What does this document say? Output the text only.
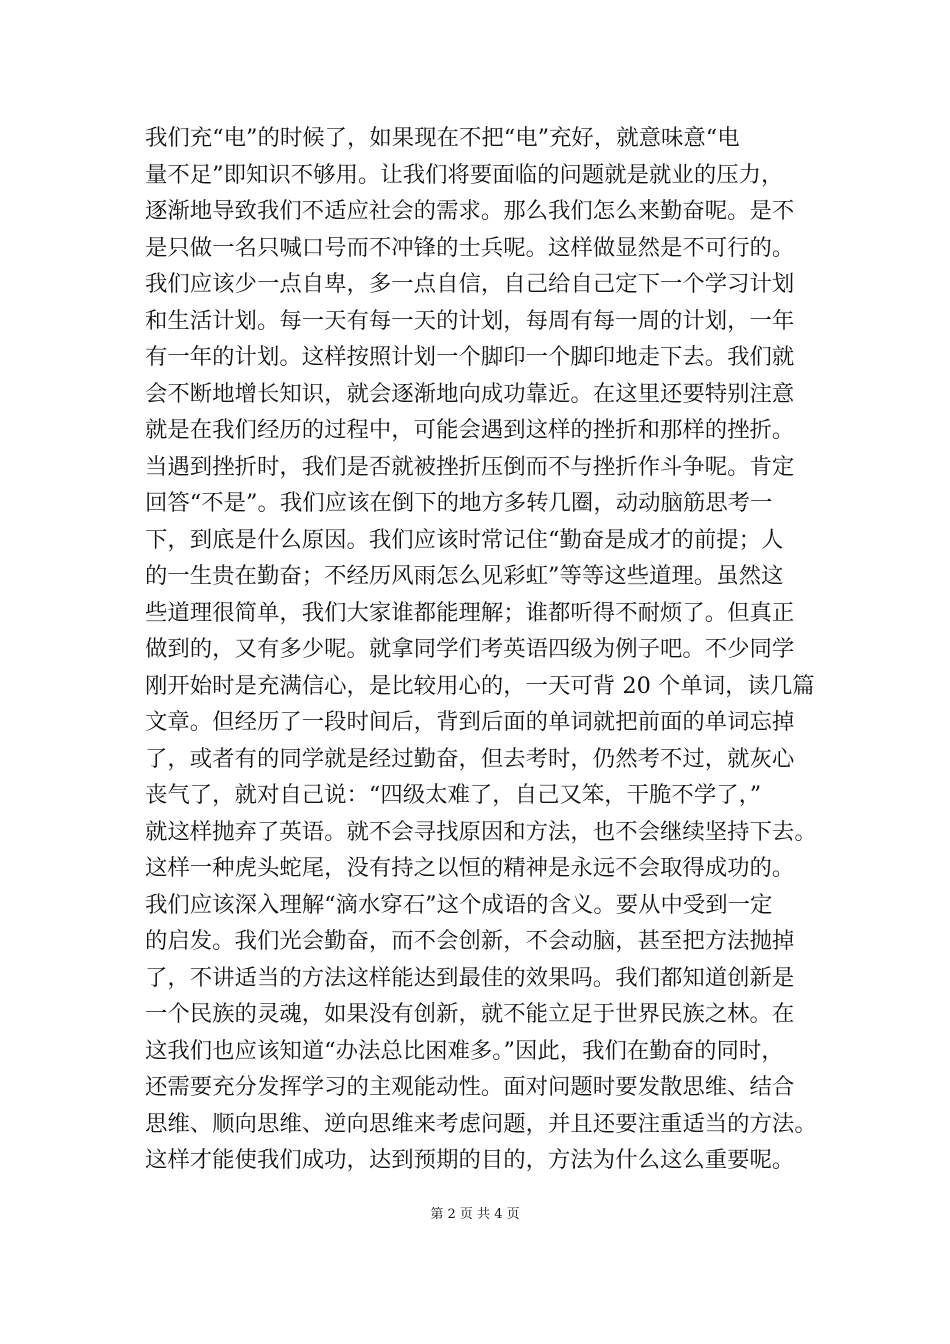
我们充“电”的时候了，如果现在不把“电”充好，就意味意“电
量不足”即知识不够用。让我们将要面临的问题就是就业的压力，
逐渐地导致我们不适应社会的需求。那么我们怎么来勤奋呢。是不
是只做一名只喊口号而不冲锋的士兵呢。这样做显然是不可行的。
我们应该少一点自卑，多一点自信，自己给自己定下一个学习计划
和生活计划。每一天有每一天的计划，每周有每一周的计划，一年
有一年的计划。这样按照计划一个脚印一个脚印地走下去。我们就
会不断地增长知识，就会逐渐地向成功靠近。在这里还要特别注意
就是在我们经历的过程中，可能会遇到这样的挫折和那样的挫折。
当遇到挫折时，我们是否就被挫折压倒而不与挫折作斗争呢。肯定
回答“不是”。我们应该在倒下的地方多转几圈，动动脑筋思考一
下，到底是什么原因。我们应该时常记住“勤奋是成才的前提；人
的一生贵在勤奋；不经历风雨怎么见彩虹”等等这些道理。虽然这
些道理很简单，我们大家谁都能理解；谁都听得不耐烦了。但真正
做到的，又有多少呢。就拿同学们考英语四级为例子吧。不少同学
刚开始时是充满信心，是比较用心的，一天可背 20 个单词，读几篇
文章。但经历了一段时间后，背到后面的单词就把前面的单词忘掉
了，或者有的同学就是经过勤奋，但去考时，仍然考不过，就灰心
丧气了，就对自己说：“四级太难了，自己又笨，干脆不学了，”
就这样抛弃了英语。就不会寻找原因和方法，也不会继续坚持下去。
这样一种虎头蛇尾，没有持之以恒的精神是永远不会取得成功的。
我们应该深入理解“滴水穿石”这个成语的含义。要从中受到一定
的启发。我们光会勤奋，而不会创新，不会动脑，甚至把方法抛掉
了，不讲适当的方法这样能达到最佳的效果吗。我们都知道创新是
一个民族的灵魂，如果没有创新，就不能立足于世界民族之林。在
这我们也应该知道“办法总比困难多。”因此，我们在勤奋的同时，
还需要充分发挥学习的主观能动性。面对问题时要发散思维、结合
思维、顺向思维、逆向思维来考虑问题，并且还要注重适当的方法。
这样才能使我们成功，达到预期的目的，方法为什么这么重要呢。
第 2 页 共 4 页
